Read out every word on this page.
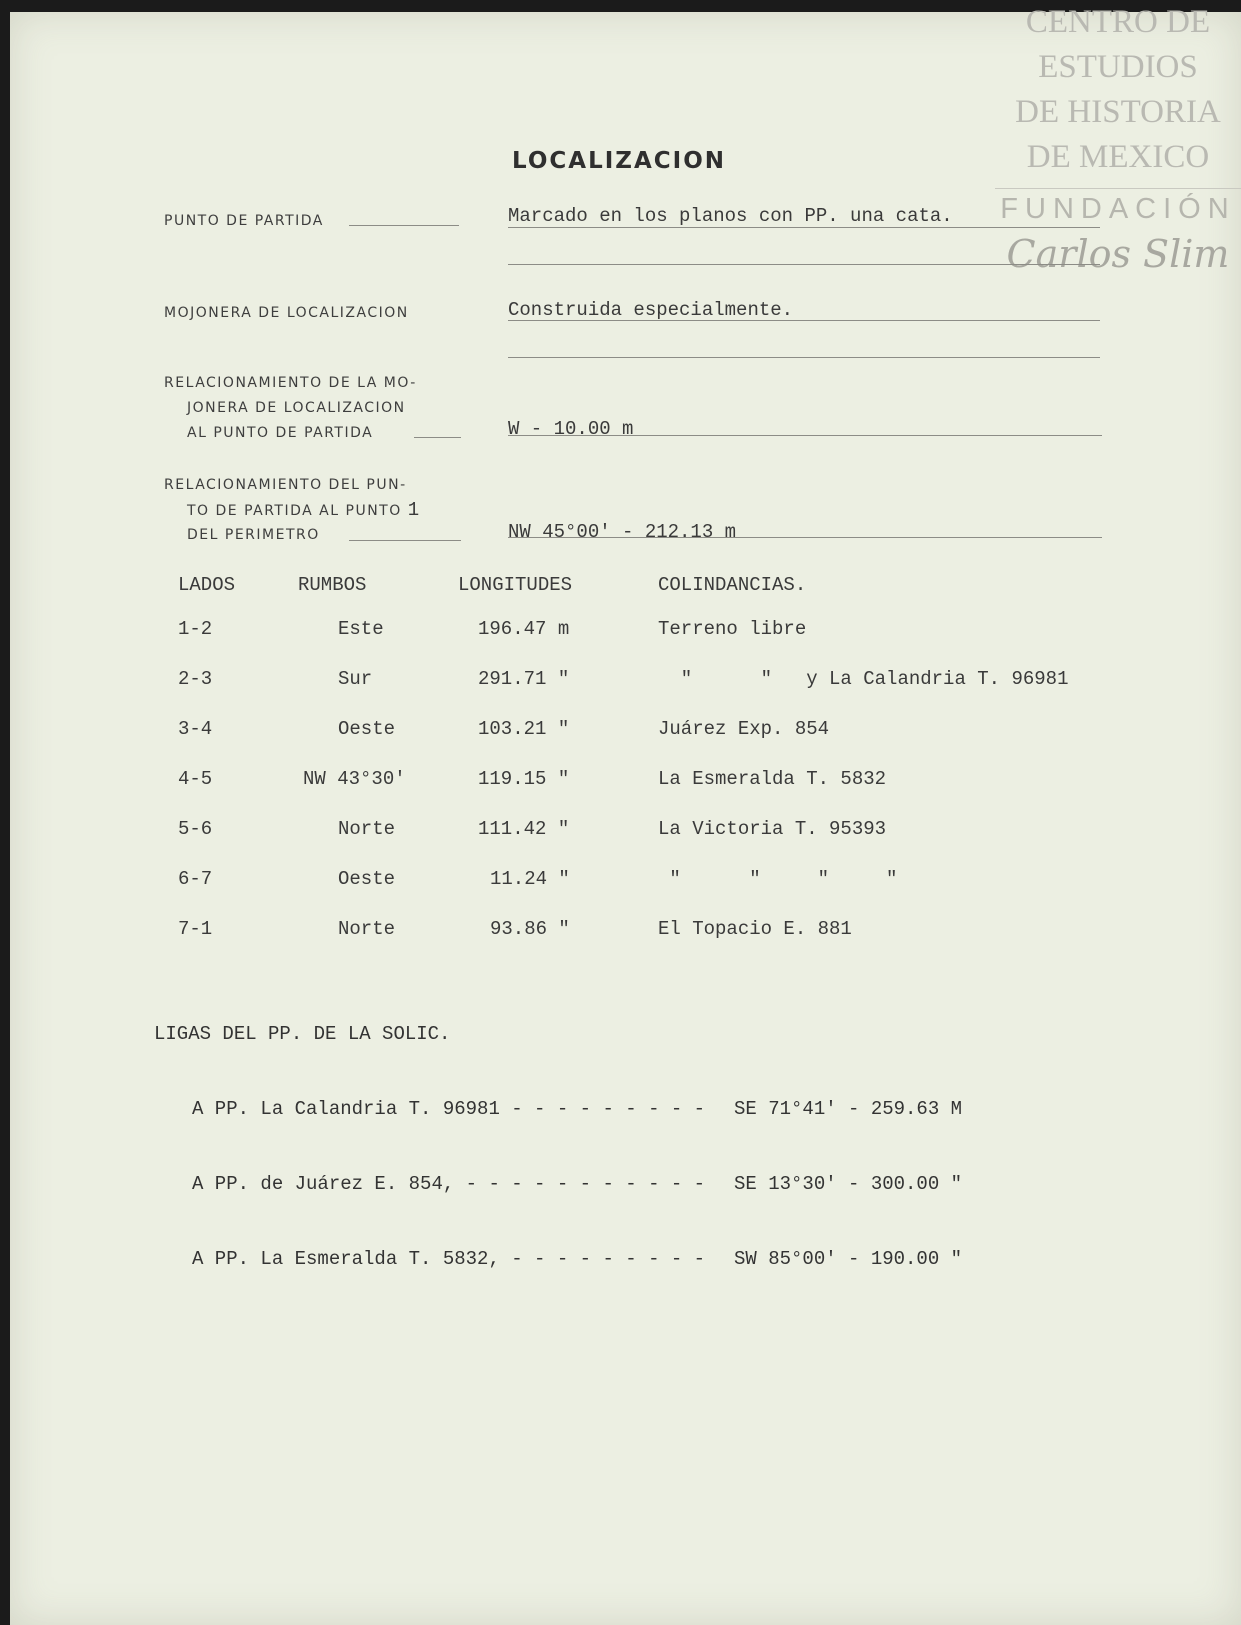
CENTRO DE
ESTUDIOS
DE HISTORIA
DE MEXICO
FUNDACIÓN
Carlos Slim
LOCALIZACION
PUNTO DE PARTIDA	Marcado en los planos con PP. una cata.
MOJONERA DE LOCALIZACION	Construida especialmente.
RELACIONAMIENTO DE LA MO-
JONERA DE LOCALIZACION
AL PUNTO DE PARTIDA	W - 10.00 m
RELACIONAMIENTO DEL PUN-
TO DE PARTIDA AL PUNTO 1
DEL PERIMETRO	NW 45°00' - 212.13 m
LADOS	RUMBOS	LONGITUDES	COLINDANCIAS.
1-2	Este	196.47 m	Terreno libre
2-3	Sur	291.71 "	"      "   y La Calandria T. 96981
3-4	Oeste	103.21 "	Juárez Exp. 854
4-5	NW 43°30'	119.15 "	La Esmeralda T. 5832
5-6	Norte	111.42 "	La Victoria T. 95393
6-7	Oeste	11.24 "	"      "     "     "
7-1	Norte	93.86 "	El Topacio E. 881

LIGAS DEL PP. DE LA SOLIC.

A PP. La Calandria T. 96981 - - - - - - - - -	SE 71°41' - 259.63 M

A PP. de Juárez E. 854, - - - - - - - - - - -	SE 13°30' - 300.00 "

A PP. La Esmeralda T. 5832, - - - - - - - - -	SW 85°00' - 190.00 "
